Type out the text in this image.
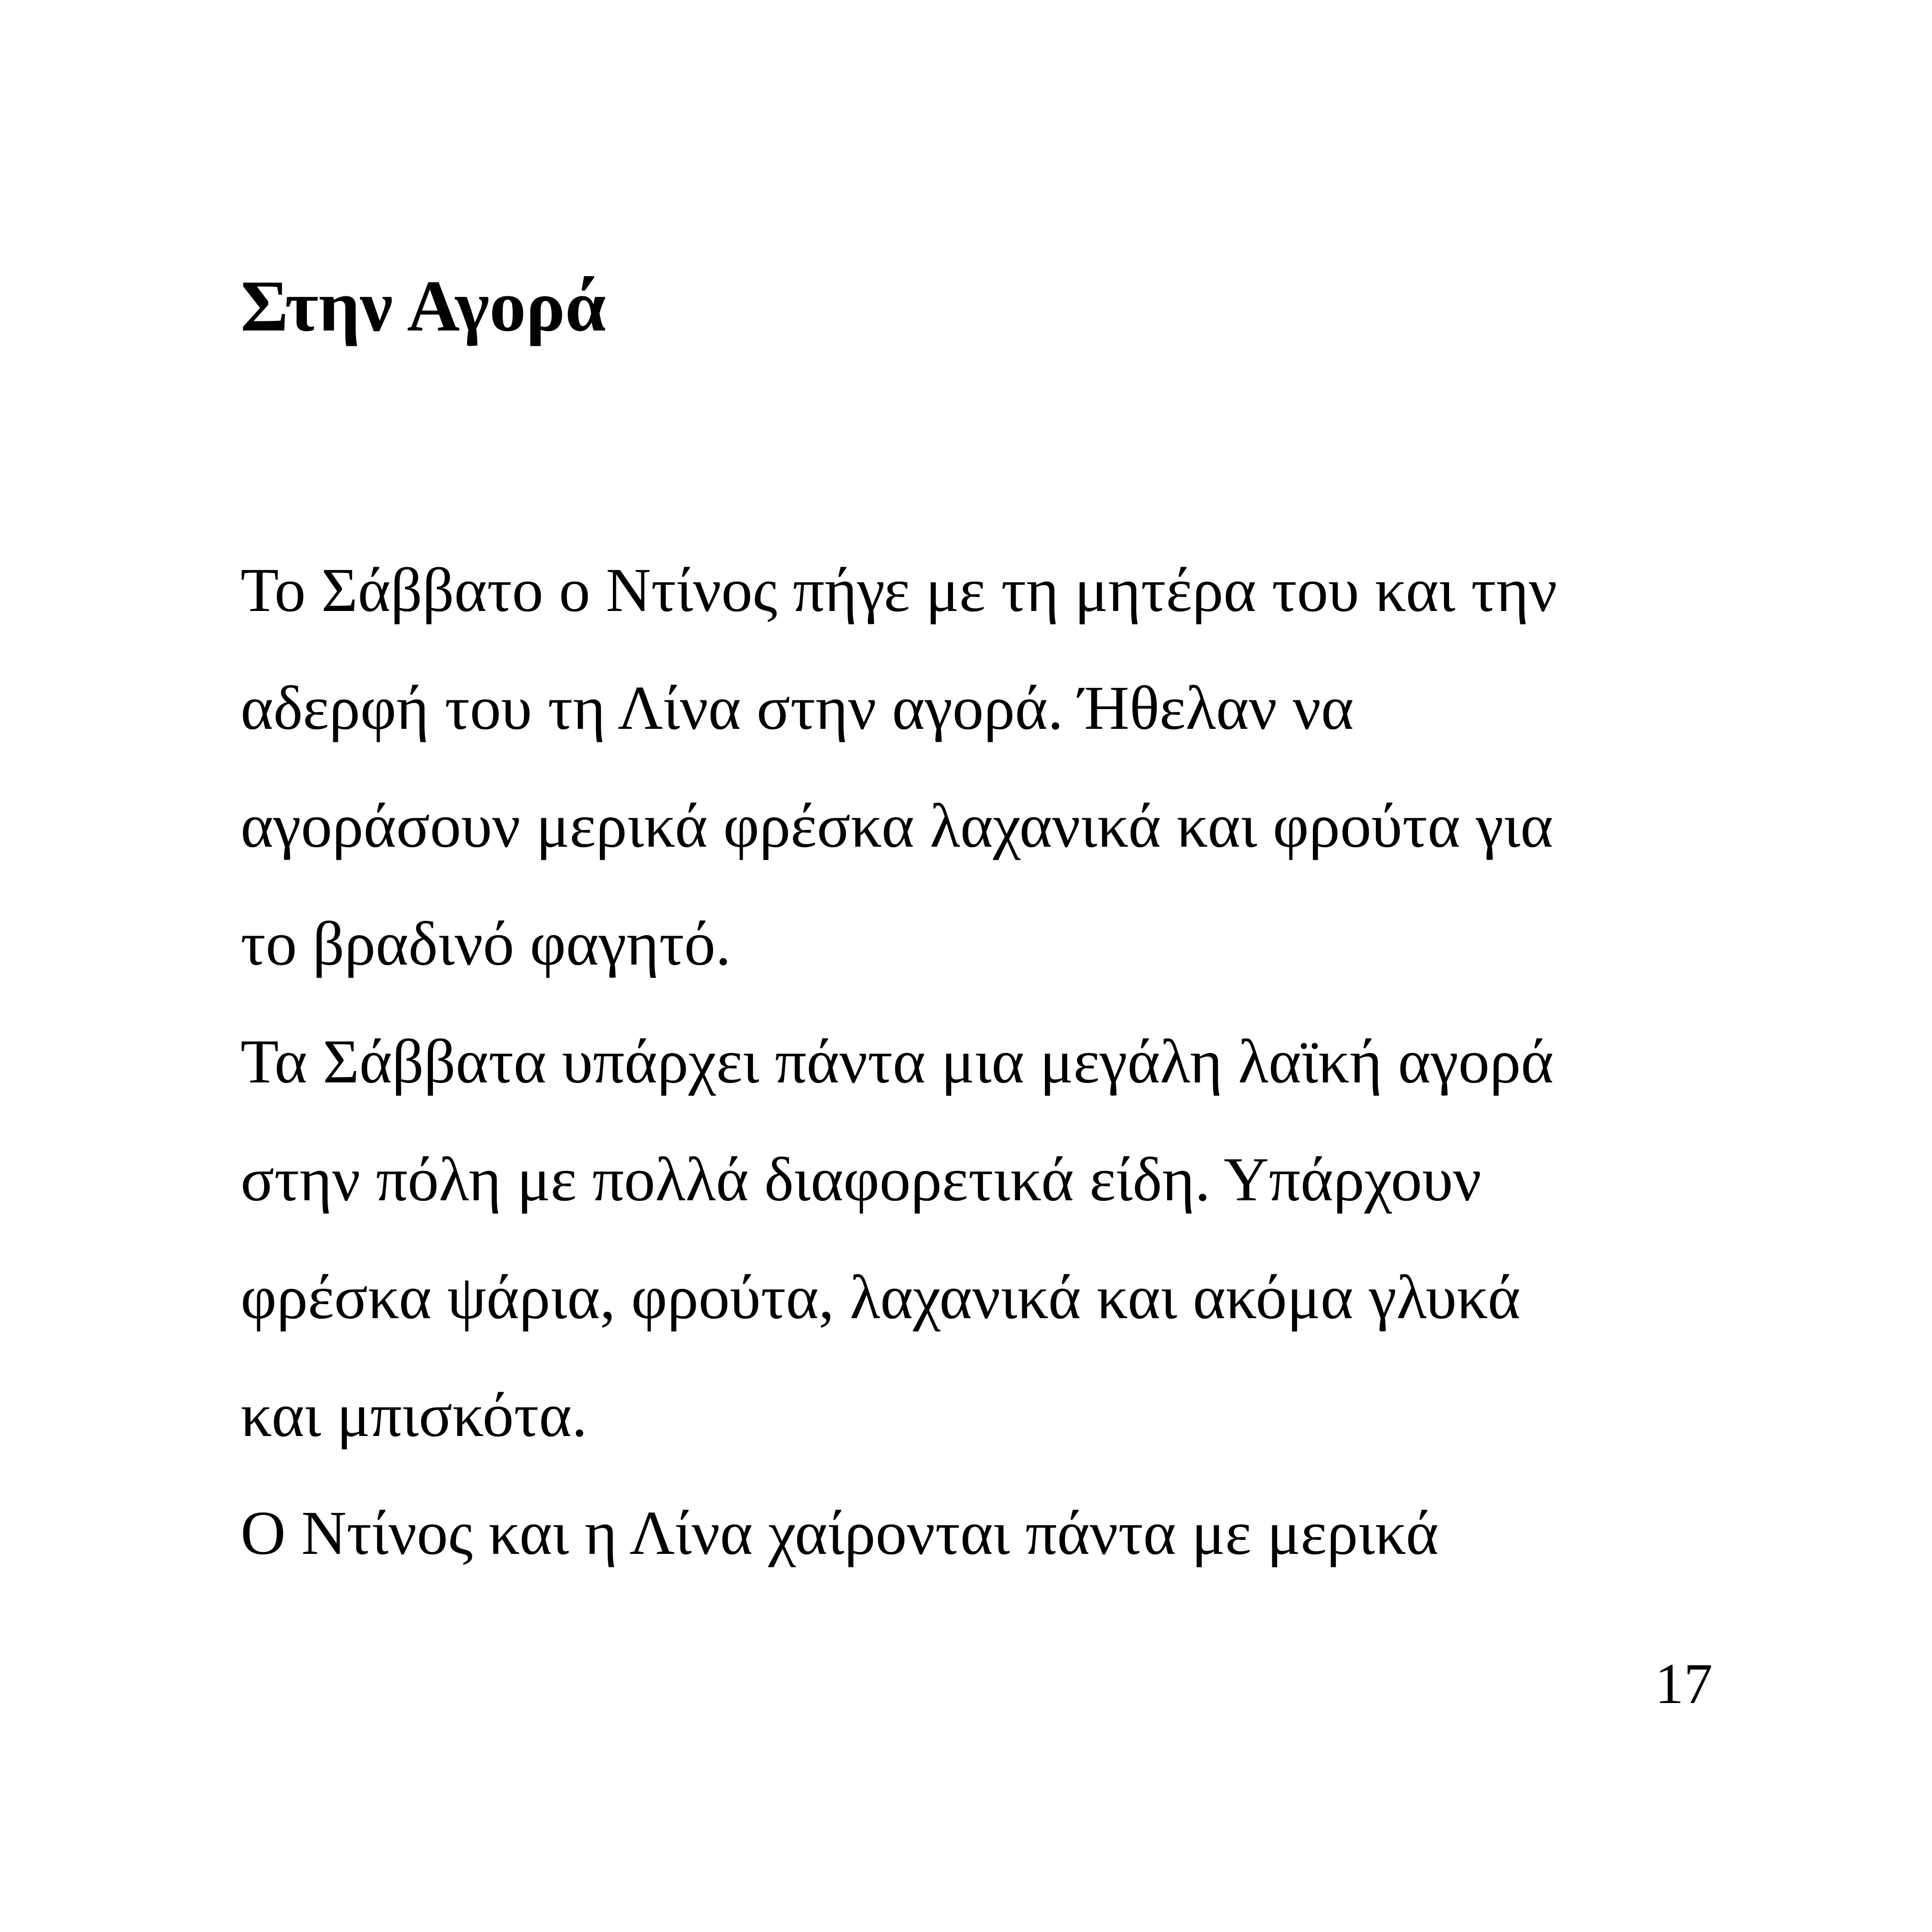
Στην Αγορά
Το Σάββατο ο Ντίνος πήγε με τη μητέρα του και την
αδερφή του τη Λίνα στην αγορά. Ήθελαν να
αγοράσουν μερικά φρέσκα λαχανικά και φρούτα για
το βραδινό φαγητό.
Τα Σάββατα υπάρχει πάντα μια μεγάλη λαϊκή αγορά
στην πόλη με πολλά διαφορετικά είδη. Υπάρχουν
φρέσκα ψάρια, φρούτα, λαχανικά και ακόμα γλυκά
και μπισκότα.
Ο Ντίνος και η Λίνα χαίρονται πάντα με μερικά
17
